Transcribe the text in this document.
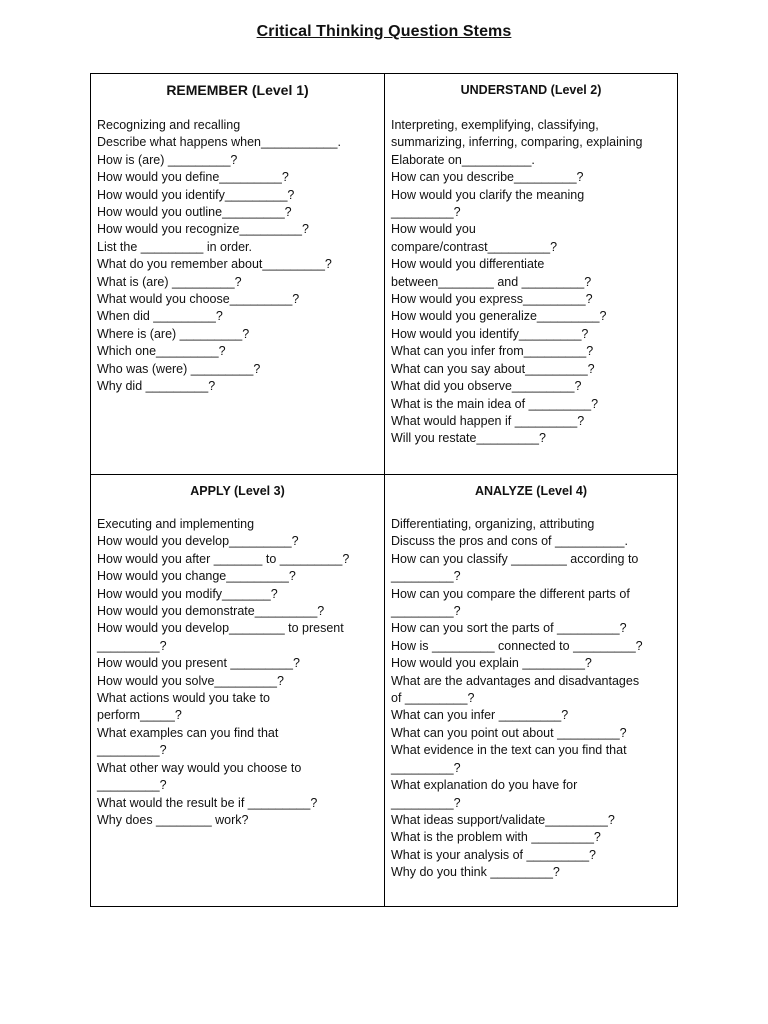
Critical Thinking Question Stems
REMEMBER (Level 1)
Recognizing and recalling
Describe what happens when___________.
How is (are) _________?
How would you define_________?
How would you identify_________?
How would you outline_________?
How would you recognize_________?
List the _________ in order.
What do you remember about_________?
What is (are) _________?
What would you choose_________?
When did _________?
Where is (are) _________?
Which one_________?
Who was (were) _________?
Why did _________?
UNDERSTAND (Level 2)
Interpreting, exemplifying, classifying,
summarizing, inferring, comparing, explaining
Elaborate on__________.
How can you describe_________?
How would you clarify the meaning
_________?
How would you
compare/contrast_________?
How would you differentiate
between________ and _________?
How would you express_________?
How would you generalize_________?
How would you identify_________?
What can you infer from_________?
What can you say about_________?
What did you observe_________?
What is the main idea of _________?
What would happen if _________?
Will you restate_________?
APPLY (Level 3)
Executing and implementing
How would you develop_________?
How would you after _______ to _________?
How would you change_________?
How would you modify_______?
How would you demonstrate_________?
How would you develop________ to present
_________?
How would you present _________?
How would you solve_________?
What actions would you take to
perform_____?
What examples can you find that
_________?
What other way would you choose to
_________?
What would the result be if _________?
Why does ________ work?
ANALYZE (Level 4)
Differentiating, organizing, attributing
Discuss the pros and cons of __________.
How can you classify ________ according to
_________?
How can you compare the different parts of
_________?
How can you sort the parts of _________?
How is _________ connected to _________?
How would you explain _________?
What are the advantages and disadvantages
of _________?
What can you infer _________?
What can you point out about _________?
What evidence in the text can you find that
_________?
What explanation do you have for
_________?
What ideas support/validate_________?
What is the problem with _________?
What is your analysis of _________?
Why do you think _________?
